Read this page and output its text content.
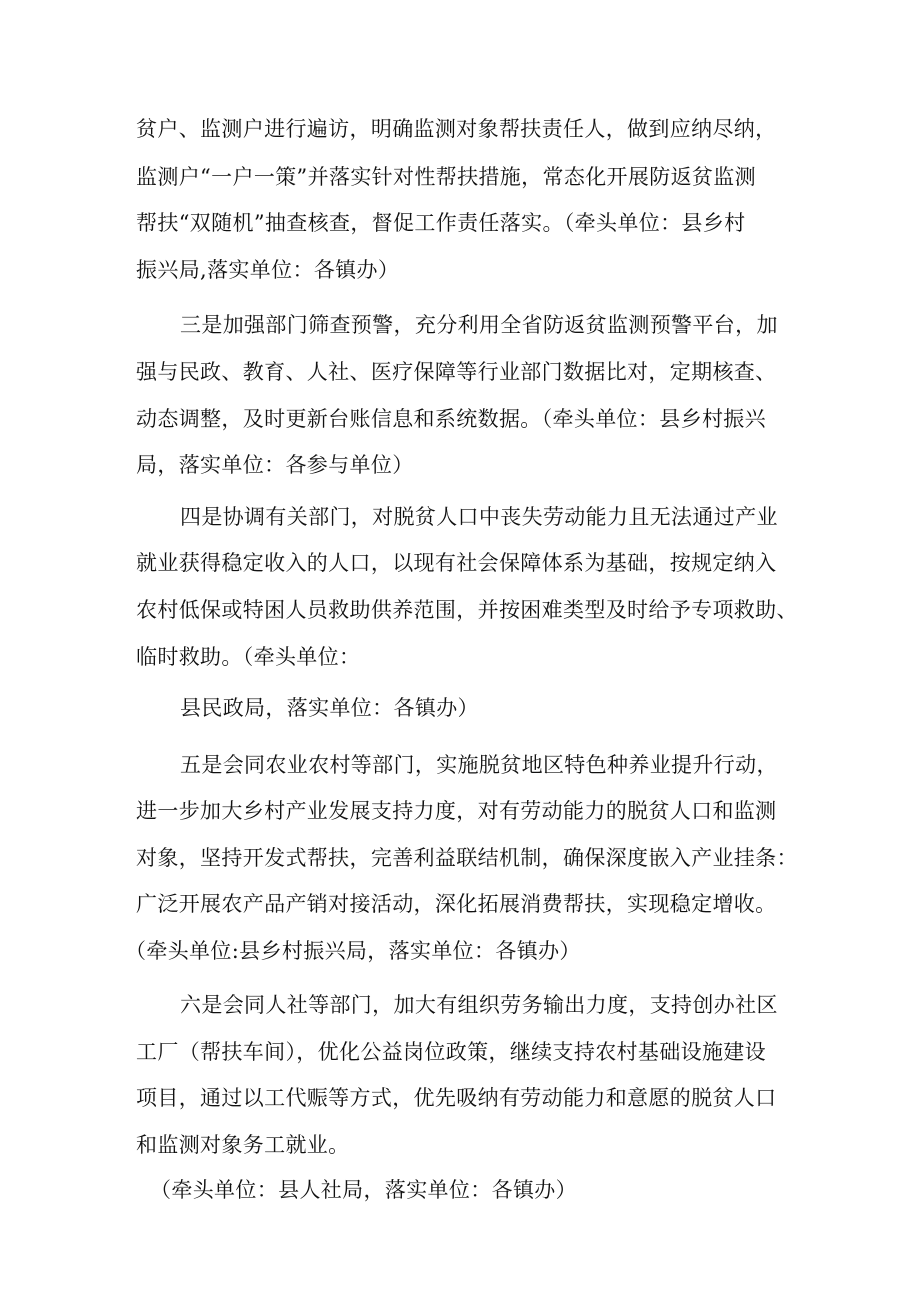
贫户、监测户进行遍访，明确监测对象帮扶责任人，做到应纳尽纳，
监测户“一户一策”并落实针对性帮扶措施，常态化开展防返贫监测
帮扶“双随机”抽查核查，督促工作责任落实。（牵头单位：县乡村
振兴局,落实单位：各镇办）
三是加强部门筛查预警，充分利用全省防返贫监测预警平台，加
强与民政、教育、人社、医疗保障等行业部门数据比对，定期核查、
动态调整，及时更新台账信息和系统数据。（牵头单位：县乡村振兴
局，落实单位：各参与单位）
四是协调有关部门，对脱贫人口中丧失劳动能力且无法通过产业
就业获得稳定收入的人口，以现有社会保障体系为基础，按规定纳入
农村低保或特困人员救助供养范围，并按困难类型及时给予专项救助、
临时救助。（牵头单位：
县民政局，落实单位：各镇办）
五是会同农业农村等部门，实施脱贫地区特色种养业提升行动，
进一步加大乡村产业发展支持力度，对有劳动能力的脱贫人口和监测
对象，坚持开发式帮扶，完善利益联结机制，确保深度嵌入产业挂条：
广泛开展农产品产销对接活动，深化拓展消费帮扶，实现稳定增收。
（牵头单位:县乡村振兴局，落实单位：各镇办）
六是会同人社等部门，加大有组织劳务输出力度，支持创办社区
工厂（帮扶车间），优化公益岗位政策，继续支持农村基础设施建设
项目，通过以工代赈等方式，优先吸纳有劳动能力和意愿的脱贫人口
和监测对象务工就业。
（牵头单位：县人社局，落实单位：各镇办）
